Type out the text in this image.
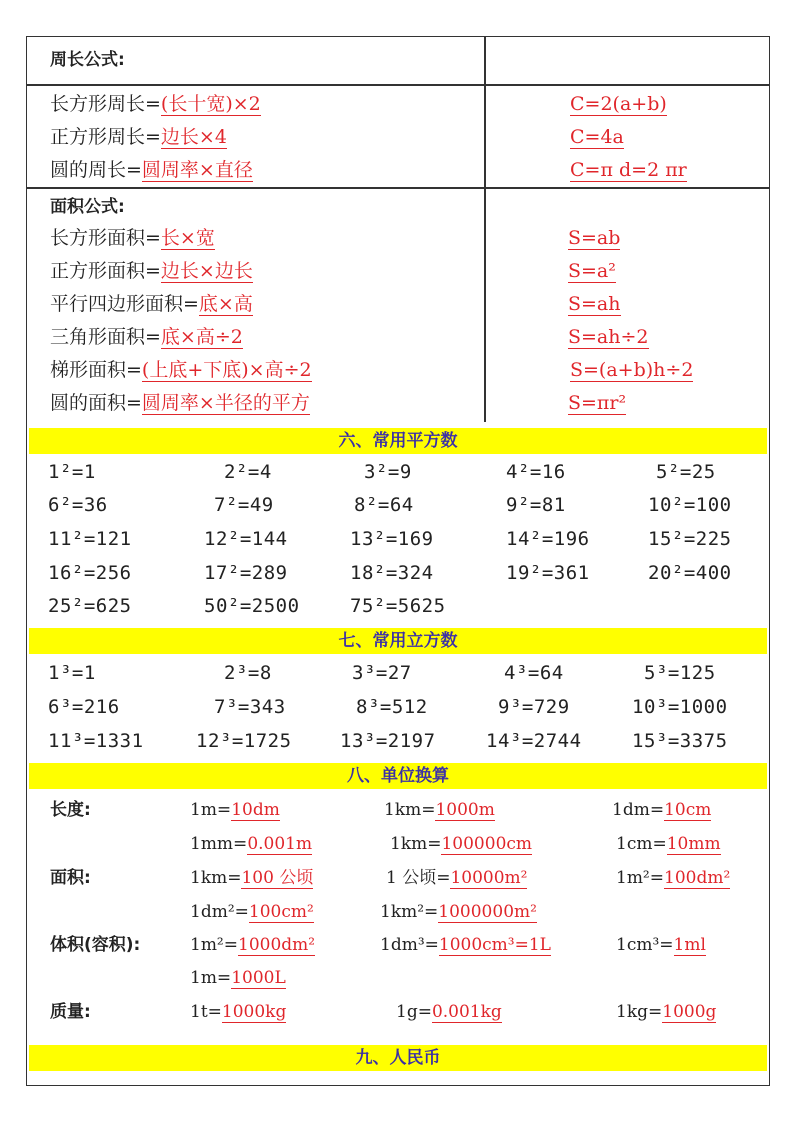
周长公式:
长方形周长=(长十宽)×2	C=2(a+b)
正方形周长=边长×4	C=4a
圆的周长=圆周率×直径	C=π d=2 πr
面积公式:
长方形面积=长×宽	S=ab
正方形面积=边长×边长	S=a²
平行四边形面积=底×高	S=ah
三角形面积=底×高÷2	S=ah÷2
梯形面积=(上底+下底)×高÷2	S=(a+b)h÷2
圆的面积=圆周率×半径的平方	S=πr²
六、常用平方数
1²=1	2²=4	3²=9	4²=16	5²=25
6²=36	7²=49	8²=64	9²=81	10²=100
11²=121	12²=144	13²=169	14²=196	15²=225
16²=256	17²=289	18²=324	19²=361	20²=400
25²=625	50²=2500	75²=5625
七、常用立方数
1³=1	2³=8	3³=27	4³=64	5³=125
6³=216	7³=343	8³=512	9³=729	10³=1000
11³=1331	12³=1725	13³=2197	14³=2744	15³=3375
八、单位换算
长度:	1m=10dm	1km=1000m	1dm=10cm
1mm=0.001m	1km=100000cm	1cm=10mm
面积:	1km=100 公顷	1 公顷=10000m²	1m²=100dm²
1dm²=100cm²	1km²=1000000m²
体积(容积):	1m²=1000dm²	1dm³=1000cm³=1L	1cm³=1ml
1m=1000L
质量:	1t=1000kg	1g=0.001kg	1kg=1000g
九、人民币
